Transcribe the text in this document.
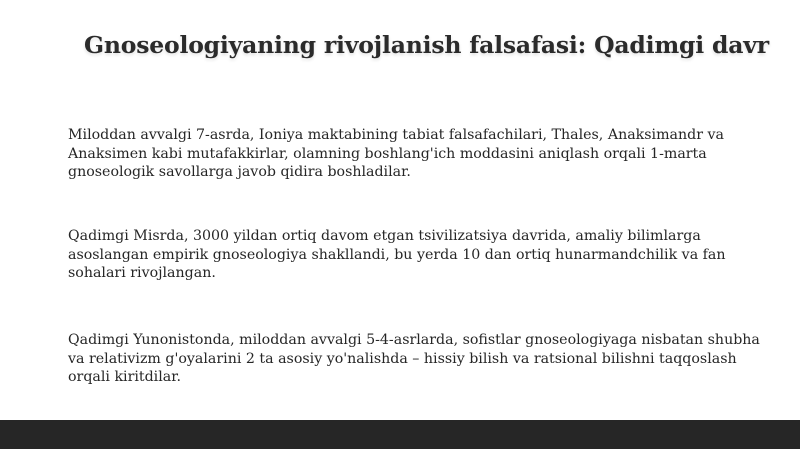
Gnoseologiyaning rivojlanish falsafasi: Qadimgi davr

Miloddan avvalgi 7-asrda, Ioniya maktabining tabiat falsafachilari, Thales, Anaksimandr va Anaksimen kabi mutafakkirlar, olamning boshlang'ich moddasini aniqlash orqali 1-marta gnoseologik savollarga javob qidira boshladilar.

Qadimgi Misrda, 3000 yildan ortiq davom etgan tsivilizatsiya davrida, amaliy bilimlarga asoslangan empirik gnoseologiya shakllandi, bu yerda 10 dan ortiq hunarmandchilik va fan sohalari rivojlangan.

Qadimgi Yunonistonda, miloddan avvalgi 5-4-asrlarda, sofistlar gnoseologiyaga nisbatan shubha va relativizm g'oyalarini 2 ta asosiy yo'nalishda – hissiy bilish va ratsional bilishni taqqoslash orqali kiritdilar.
